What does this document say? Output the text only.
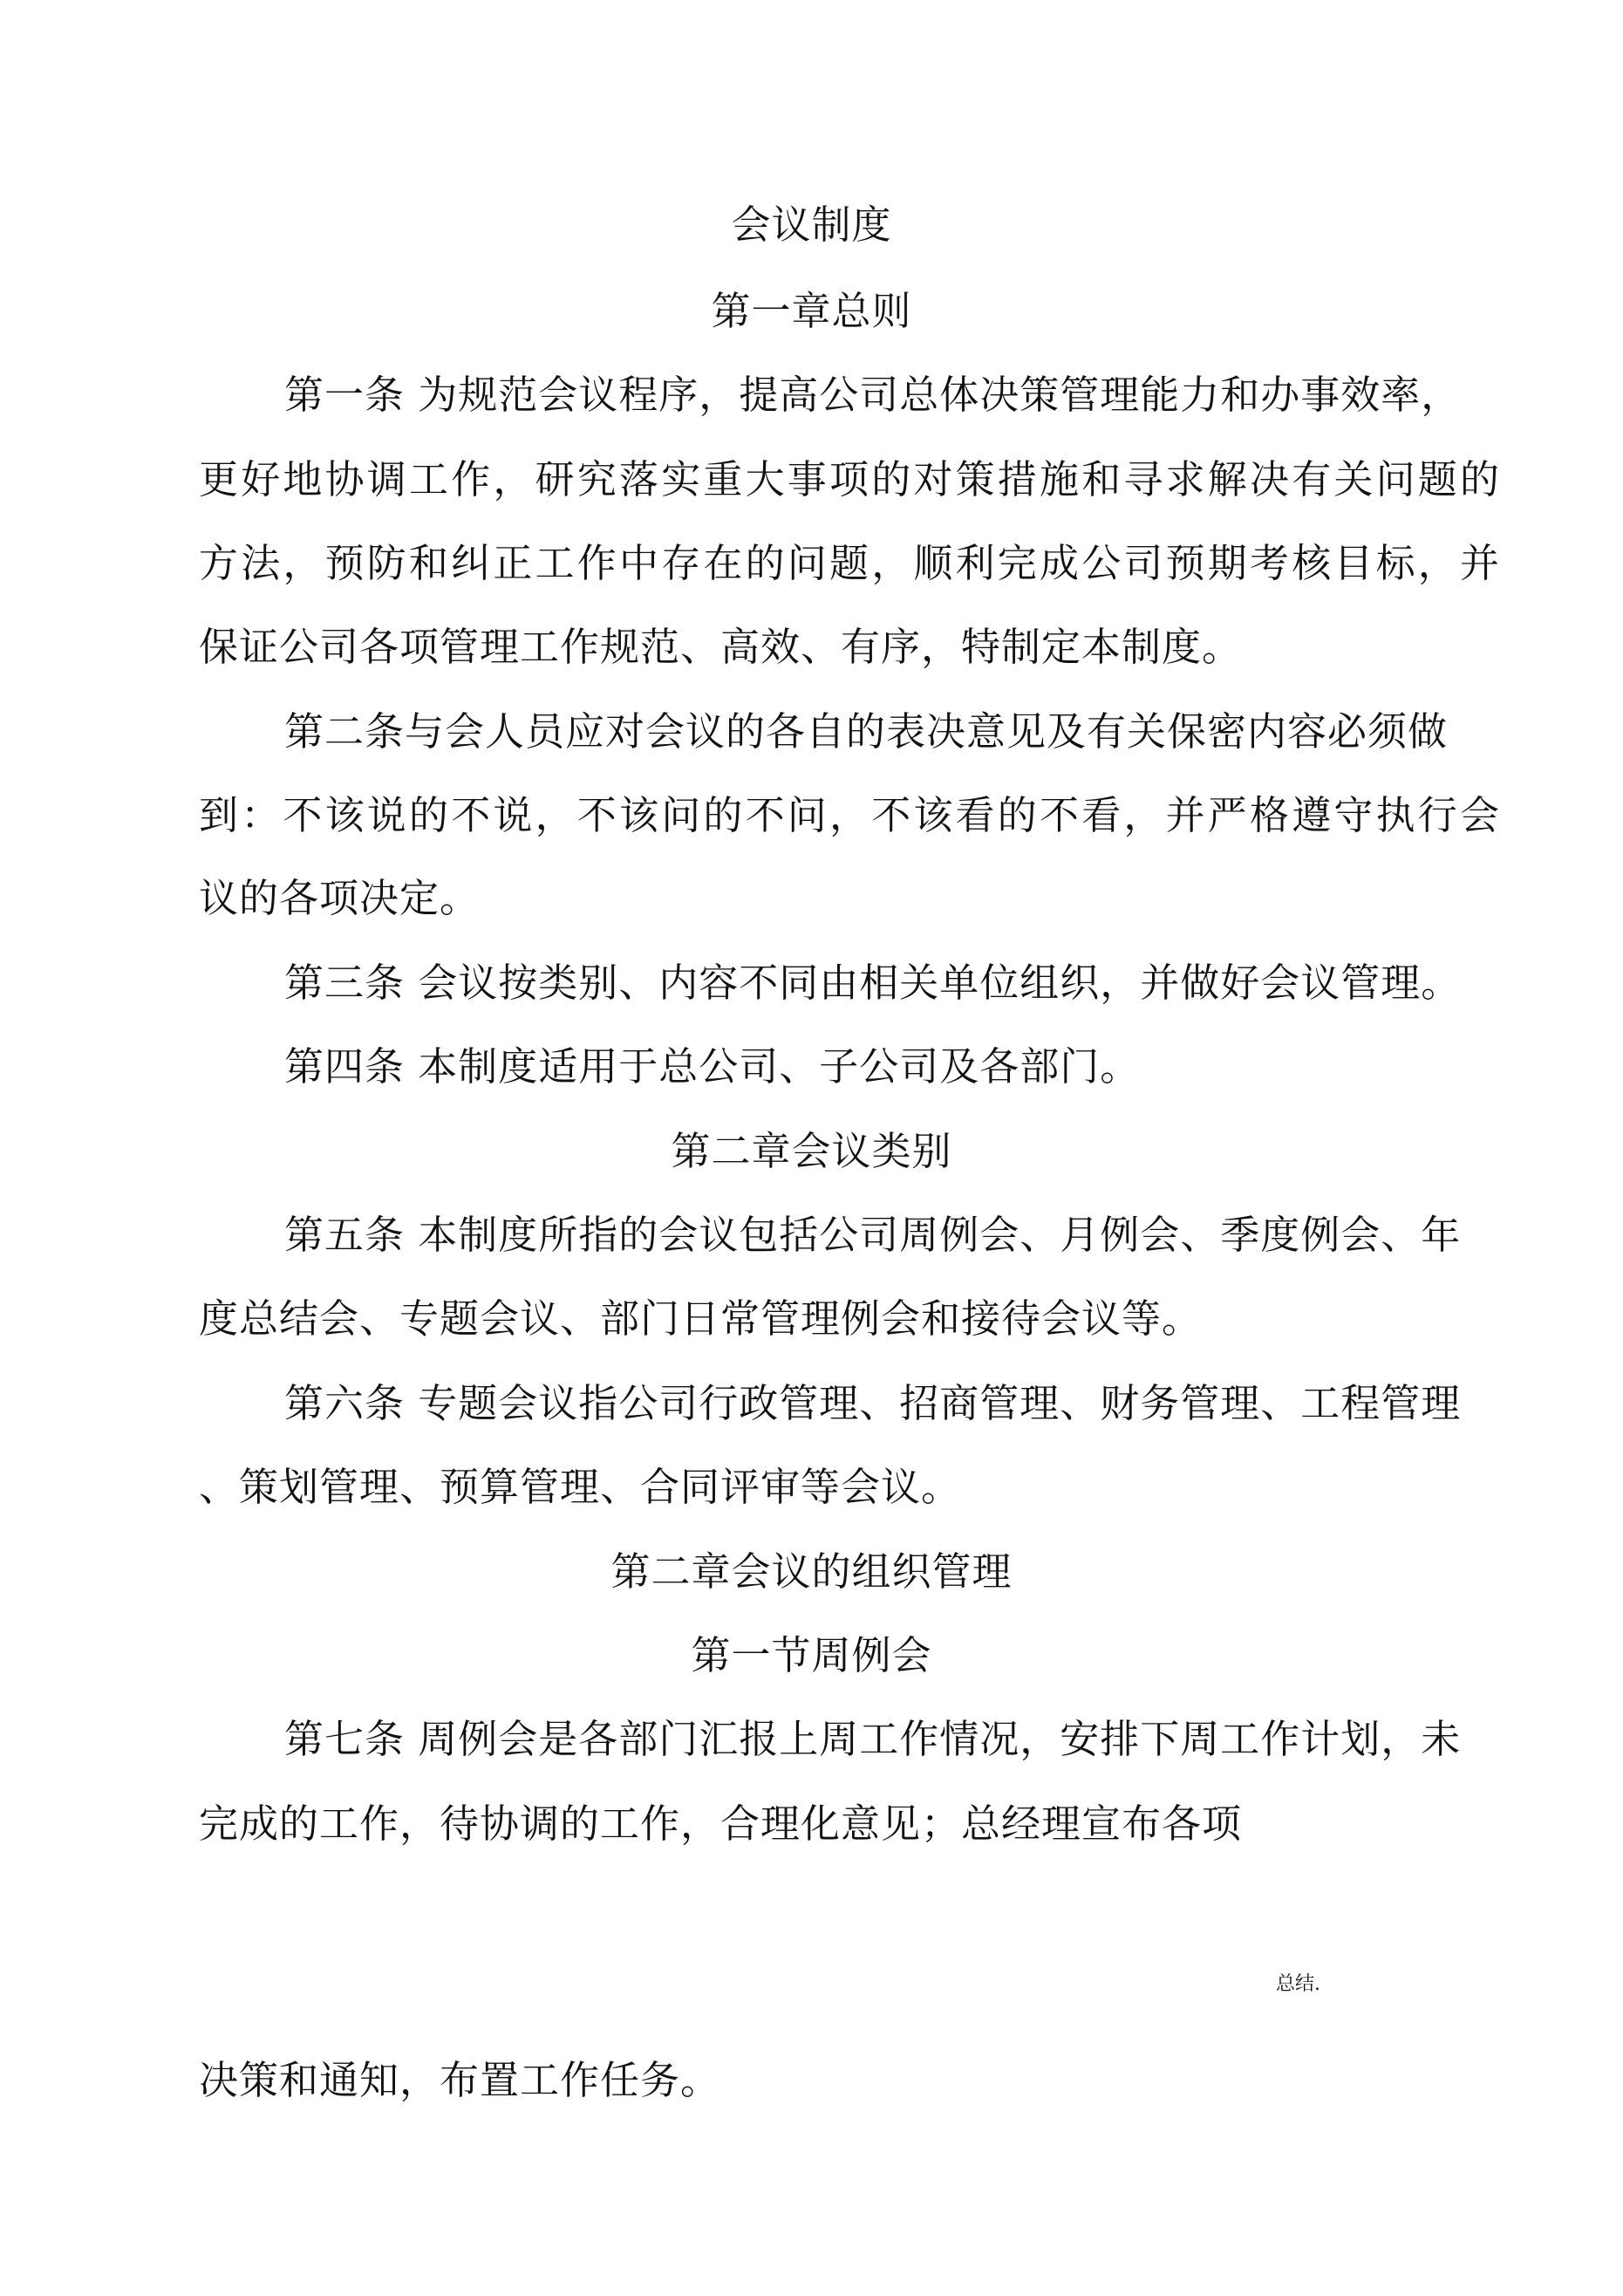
会议制度
第一章总则
第一条 为规范会议程序，提高公司总体决策管理能力和办事效率，
更好地协调工作，研究落实重大事项的对策措施和寻求解决有关问题的
方法，预防和纠正工作中存在的问题，顺利完成公司预期考核目标，并
保证公司各项管理工作规范、高效、有序，特制定本制度。
第二条与会人员应对会议的各自的表决意见及有关保密内容必须做
到：不该说的不说，不该问的不问，不该看的不看，并严格遵守执行会
议的各项决定。
第三条 会议按类别、内容不同由相关单位组织，并做好会议管理。
第四条 本制度适用于总公司、子公司及各部门。
第二章会议类别
第五条 本制度所指的会议包括公司周例会、月例会、季度例会、年
度总结会、专题会议、部门日常管理例会和接待会议等。
第六条 专题会议指公司行政管理、招商管理、财务管理、工程管理
、策划管理、预算管理、合同评审等会议。
第二章会议的组织管理
第一节周例会
第七条 周例会是各部门汇报上周工作情况，安排下周工作计划，未
完成的工作，待协调的工作，合理化意见；总经理宣布各项
总结.
决策和通知，布置工作任务。
